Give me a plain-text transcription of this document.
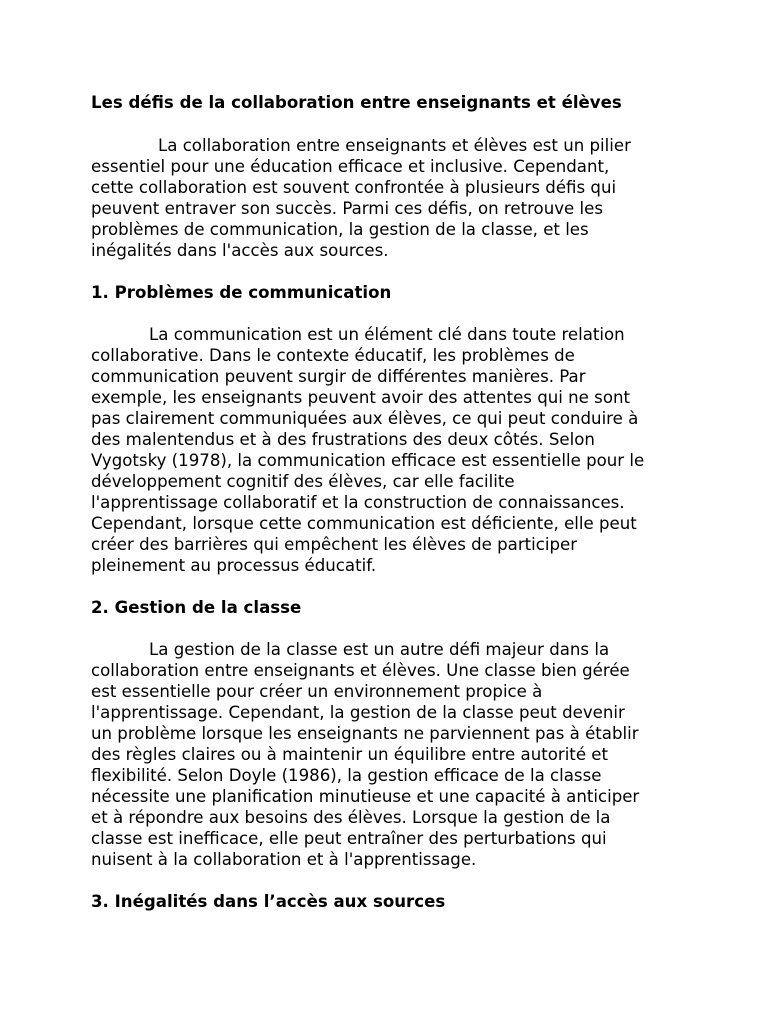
Les défis de la collaboration entre enseignants et élèves

La collaboration entre enseignants et élèves est un pilier
essentiel pour une éducation efficace et inclusive. Cependant,
cette collaboration est souvent confrontée à plusieurs défis qui
peuvent entraver son succès. Parmi ces défis, on retrouve les
problèmes de communication, la gestion de la classe, et les
inégalités dans l'accès aux sources.

1. Problèmes de communication

La communication est un élément clé dans toute relation
collaborative. Dans le contexte éducatif, les problèmes de
communication peuvent surgir de différentes manières. Par
exemple, les enseignants peuvent avoir des attentes qui ne sont
pas clairement communiquées aux élèves, ce qui peut conduire à
des malentendus et à des frustrations des deux côtés. Selon
Vygotsky (1978), la communication efficace est essentielle pour le
développement cognitif des élèves, car elle facilite
l'apprentissage collaboratif et la construction de connaissances.
Cependant, lorsque cette communication est déficiente, elle peut
créer des barrières qui empêchent les élèves de participer
pleinement au processus éducatif.

2. Gestion de la classe

La gestion de la classe est un autre défi majeur dans la
collaboration entre enseignants et élèves. Une classe bien gérée
est essentielle pour créer un environnement propice à
l'apprentissage. Cependant, la gestion de la classe peut devenir
un problème lorsque les enseignants ne parviennent pas à établir
des règles claires ou à maintenir un équilibre entre autorité et
flexibilité. Selon Doyle (1986), la gestion efficace de la classe
nécessite une planification minutieuse et une capacité à anticiper
et à répondre aux besoins des élèves. Lorsque la gestion de la
classe est inefficace, elle peut entraîner des perturbations qui
nuisent à la collaboration et à l'apprentissage.

3. Inégalités dans l’accès aux sources
